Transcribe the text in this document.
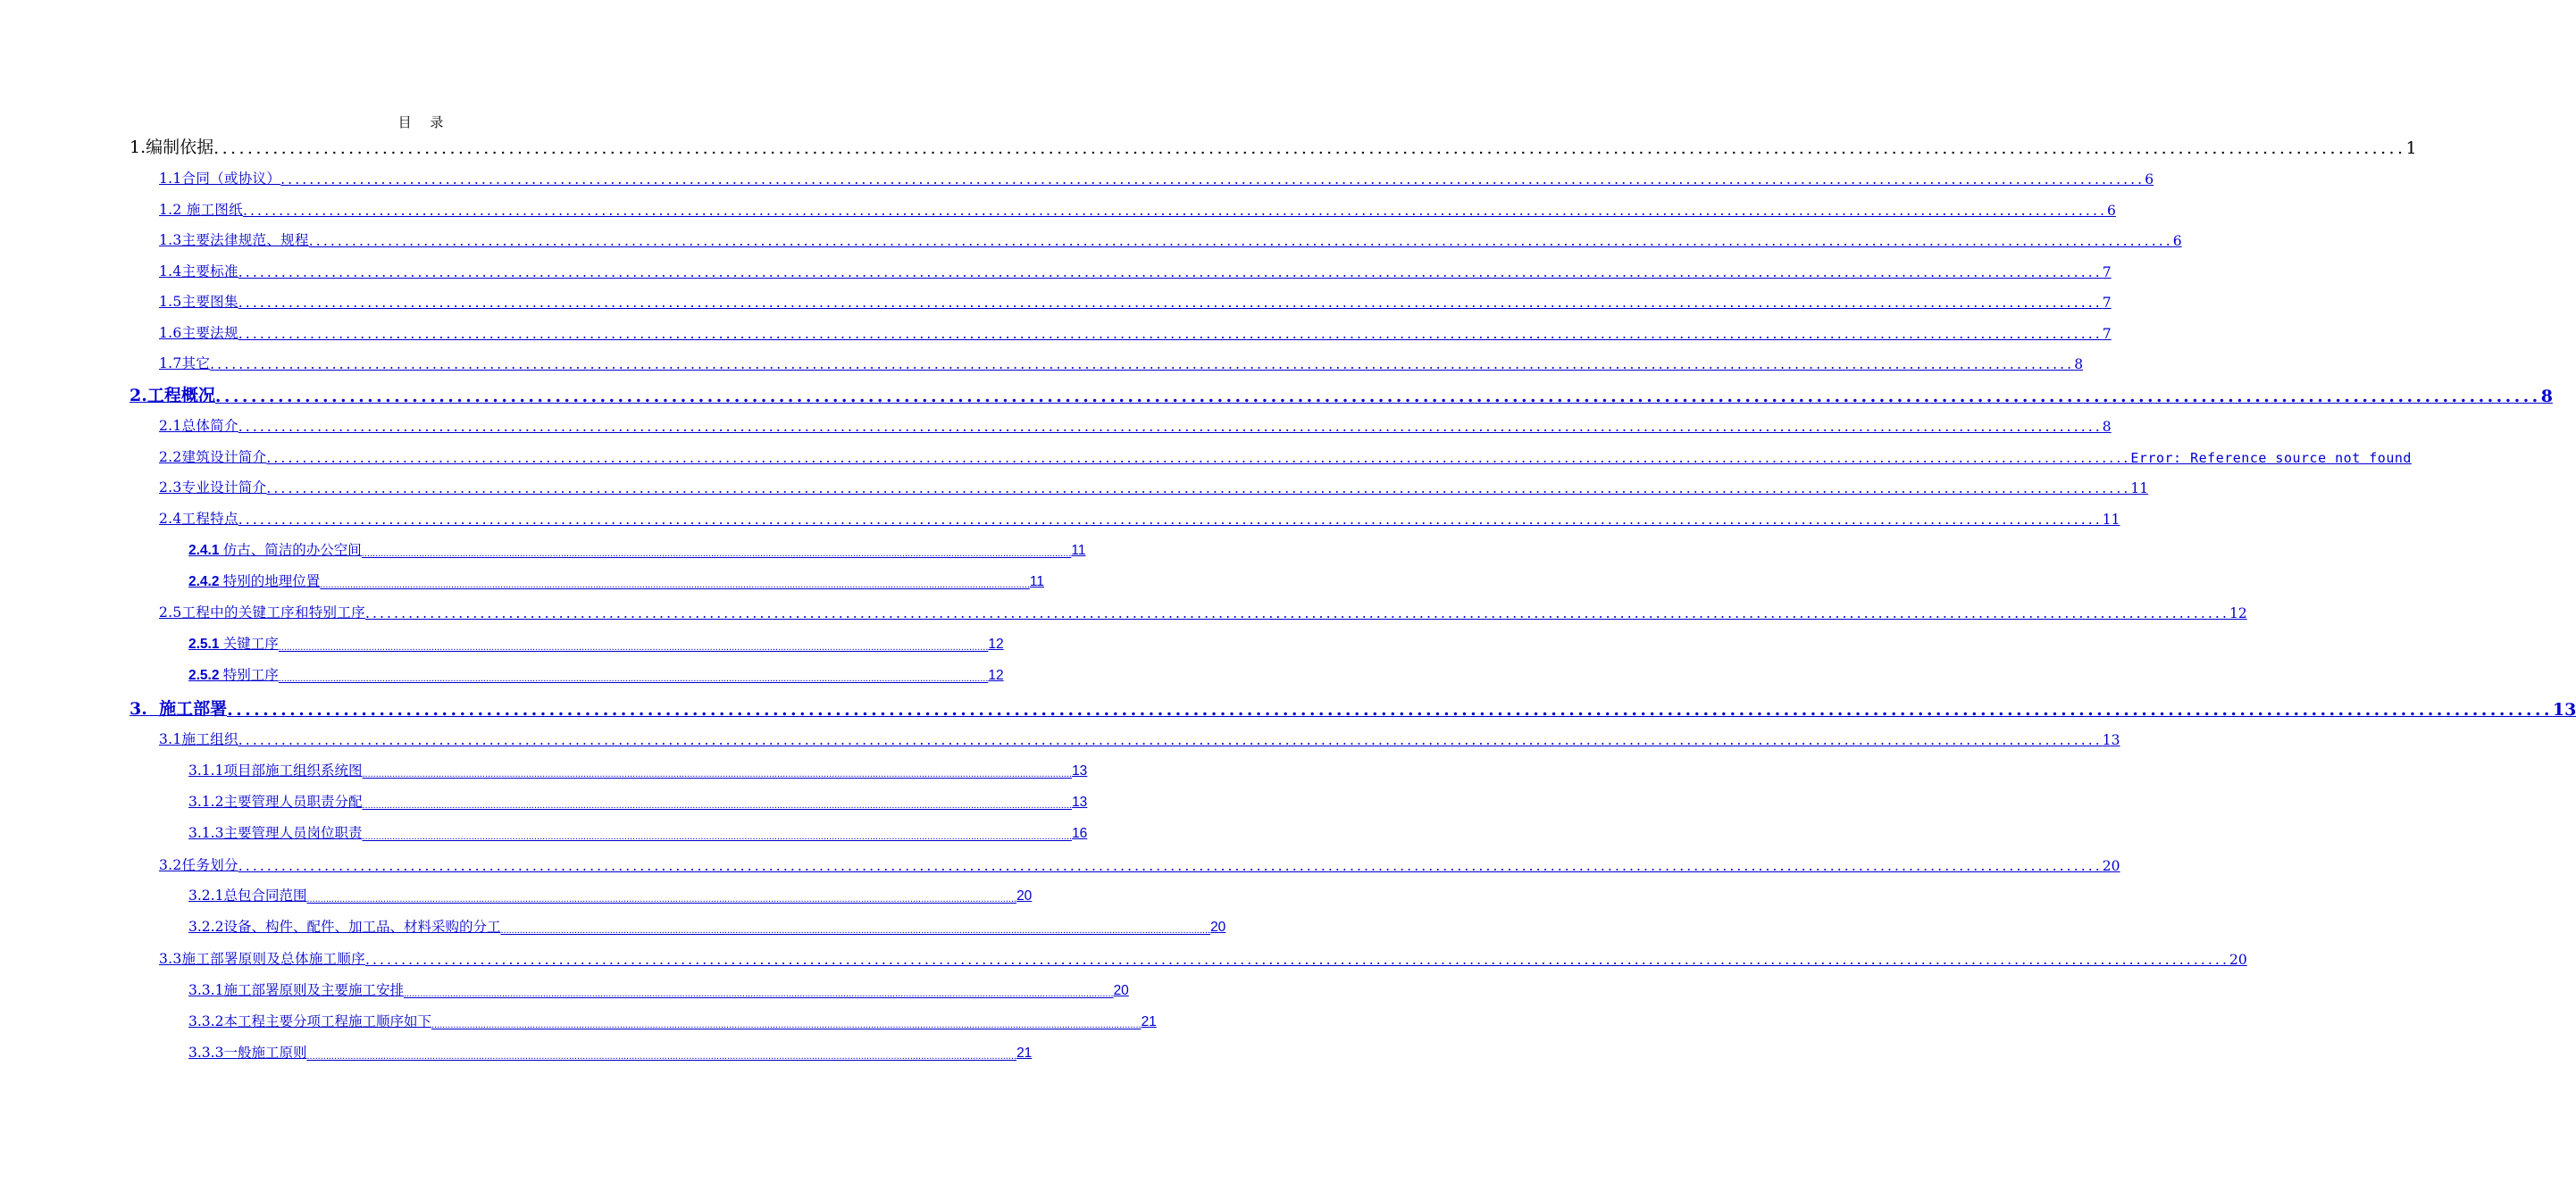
目 录
1.编制依据 .................................................................................................................................................................................................................................................................... 1
1.1合同（或协议） .................................................................................................................................................................................................................................................................... 6
1.2 施工图纸 .................................................................................................................................................................................................................................................................... 6
1.3主要法律规范、规程 .................................................................................................................................................................................................................................................................... 6
1.4主要标准 .................................................................................................................................................................................................................................................................... 7
1.5主要图集 .................................................................................................................................................................................................................................................................... 7
1.6主要法规 .................................................................................................................................................................................................................................................................... 7
1.7其它 .................................................................................................................................................................................................................................................................... 8
2.工程概况 .................................................................................................................................................................................................................................................................... 8
2.1总体简介 .................................................................................................................................................................................................................................................................... 8
2.2建筑设计简介 .................................................................................................................................................................................................................................................................... Error: Reference source not found
2.3专业设计简介 .................................................................................................................................................................................................................................................................... 11
2.4工程特点 .................................................................................................................................................................................................................................................................... 11
2.4.1 仿古、简洁的办公空间 .................................................................................................................................................................................................................................................................... 11
2.4.2 特别的地理位置 .................................................................................................................................................................................................................................................................... 11
2.5工程中的关键工序和特别工序 .................................................................................................................................................................................................................................................................... 12
2.5.1 关键工序 .................................................................................................................................................................................................................................................................... 12
2.5.2 特别工序 .................................................................................................................................................................................................................................................................... 12
3.  施工部署 .................................................................................................................................................................................................................................................................... 13
3.1施工组织 .................................................................................................................................................................................................................................................................... 13
3.1.1项目部施工组织系统图 .................................................................................................................................................................................................................................................................... 13
3.1.2主要管理人员职责分配 .................................................................................................................................................................................................................................................................... 13
3.1.3主要管理人员岗位职责 .................................................................................................................................................................................................................................................................... 16
3.2任务划分 .................................................................................................................................................................................................................................................................... 20
3.2.1总包合同范围 .................................................................................................................................................................................................................................................................... 20
3.2.2设备、构件、配件、加工品、材料采购的分工 .................................................................................................................................................................................................................................................................... 20
3.3施工部署原则及总体施工顺序 .................................................................................................................................................................................................................................................................... 20
3.3.1施工部署原则及主要施工安排 .................................................................................................................................................................................................................................................................... 20
3.3.2本工程主要分项工程施工顺序如下 .................................................................................................................................................................................................................................................................... 21
3.3.3一般施工原则 .................................................................................................................................................................................................................................................................... 21
